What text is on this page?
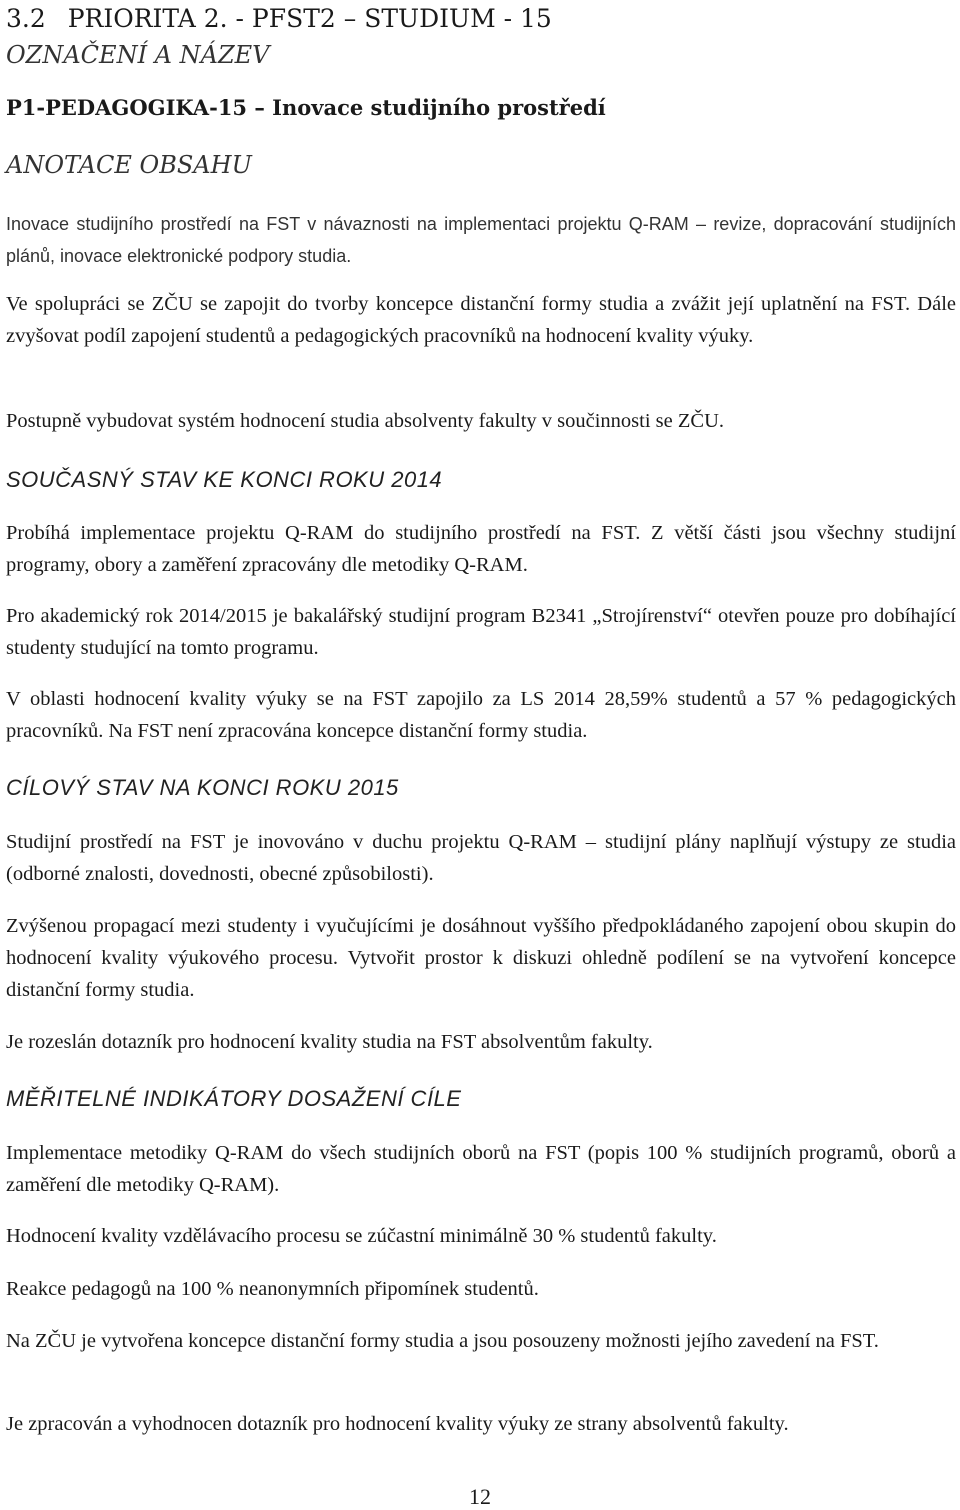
3.2 PRIORITA 2. - PFST2 – STUDIUM - 15
OZNAČENÍ A NÁZEV
P1-PEDAGOGIKA-15 – Inovace studijního prostředí
ANOTACE OBSAHU

Inovace studijního prostředí na FST v návaznosti na implementaci projektu Q-RAM – revize, dopracování studijních plánů, inovace elektronické podpory studia.

Ve spolupráci se ZČU se zapojit do tvorby koncepce distanční formy studia a zvážit její uplatnění na FST. Dále zvyšovat podíl zapojení studentů a pedagogických pracovníků na hodnocení kvality výuky.

Postupně vybudovat systém hodnocení studia absolventy fakulty v součinnosti se ZČU.

SOUČASNÝ STAV KE KONCI ROKU 2014

Probíhá implementace projektu Q-RAM do studijního prostředí na FST. Z větší části jsou všechny studijní programy, obory a zaměření zpracovány dle metodiky Q-RAM.

Pro akademický rok 2014/2015 je bakalářský studijní program B2341 „Strojírenství“ otevřen pouze pro dobíhající studenty studující na tomto programu.

V oblasti hodnocení kvality výuky se na FST zapojilo za LS 2014 28,59% studentů a 57 % pedagogických pracovníků. Na FST není zpracována koncepce distanční formy studia.

CÍLOVÝ STAV NA KONCI ROKU 2015

Studijní prostředí na FST je inovováno v duchu projektu Q-RAM – studijní plány naplňují výstupy ze studia (odborné znalosti, dovednosti, obecné způsobilosti).

Zvýšenou propagací mezi studenty i vyučujícími je dosáhnout vyššího předpokládaného zapojení obou skupin do hodnocení kvality výukového procesu. Vytvořit prostor k diskuzi ohledně podílení se na vytvoření koncepce distanční formy studia.

Je rozeslán dotazník pro hodnocení kvality studia na FST absolventům fakulty.

MĚŘITELNÉ INDIKÁTORY DOSAŽENÍ CÍLE

Implementace metodiky Q-RAM do všech studijních oborů na FST (popis 100 % studijních programů, oborů a zaměření dle metodiky Q-RAM).

Hodnocení kvality vzdělávacího procesu se zúčastní minimálně 30 % studentů fakulty.

Reakce pedagogů na 100 % neanonymních připomínek studentů.

Na ZČU je vytvořena koncepce distanční formy studia a jsou posouzeny možnosti jejího zavedení na FST.

Je zpracován a vyhodnocen dotazník pro hodnocení kvality výuky ze strany absolventů fakulty.

12
